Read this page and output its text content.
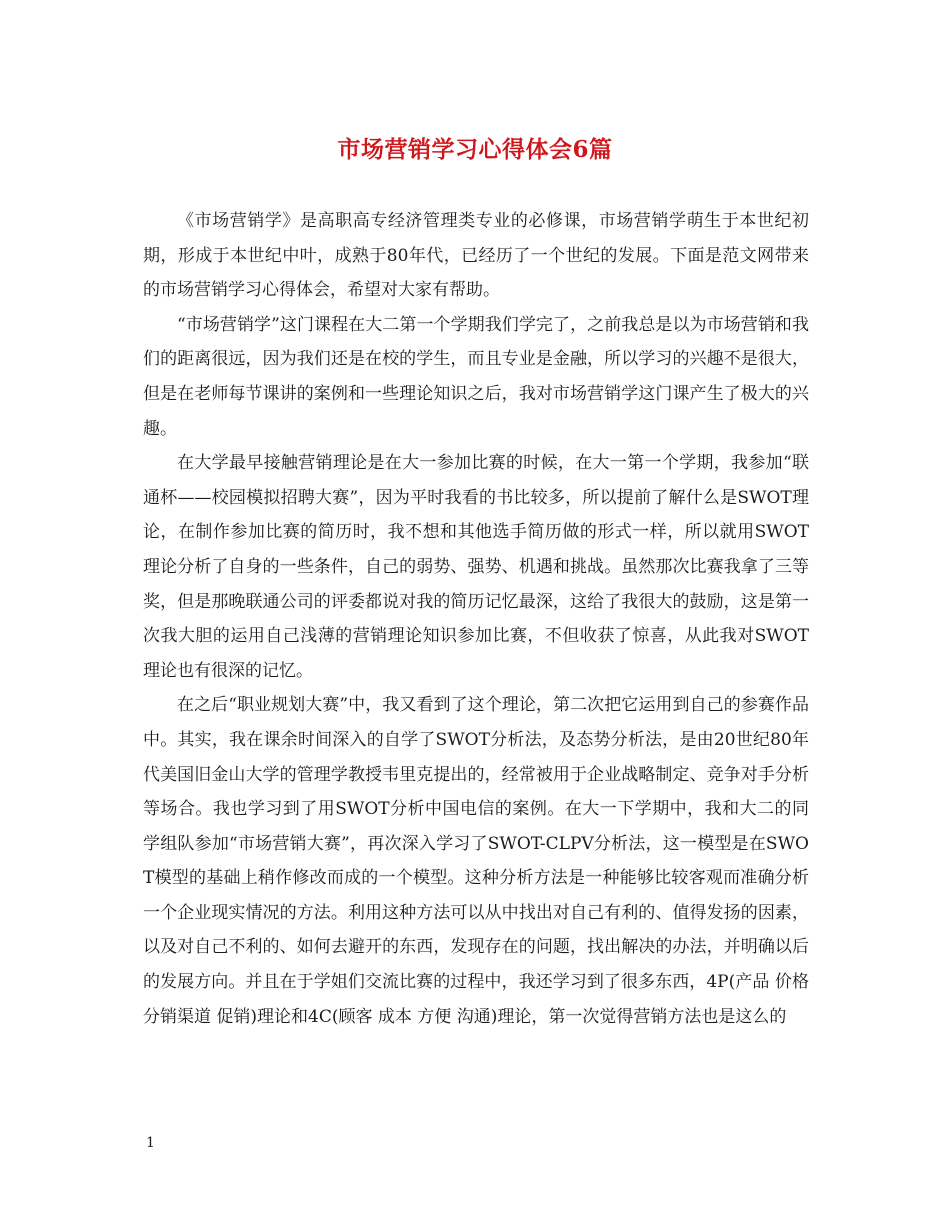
市场营销学习心得体会6篇

《市场营销学》是高职高专经济管理类专业的必修课，市场营销学萌生于本世纪初期，形成于本世纪中叶，成熟于80年代，已经历了一个世纪的发展。下面是范文网带来的市场营销学习心得体会，希望对大家有帮助。

“市场营销学”这门课程在大二第一个学期我们学完了，之前我总是以为市场营销和我们的距离很远，因为我们还是在校的学生，而且专业是金融，所以学习的兴趣不是很大，但是在老师每节课讲的案例和一些理论知识之后，我对市场营销学这门课产生了极大的兴趣。

在大学最早接触营销理论是在大一参加比赛的时候，在大一第一个学期，我参加“联通杯——校园模拟招聘大赛”，因为平时我看的书比较多，所以提前了解什么是SWOT理论，在制作参加比赛的简历时，我不想和其他选手简历做的形式一样，所以就用SWOT理论分析了自身的一些条件，自己的弱势、强势、机遇和挑战。虽然那次比赛我拿了三等奖，但是那晚联通公司的评委都说对我的简历记忆最深，这给了我很大的鼓励，这是第一次我大胆的运用自己浅薄的营销理论知识参加比赛，不但收获了惊喜，从此我对SWOT理论也有很深的记忆。

在之后“职业规划大赛”中，我又看到了这个理论，第二次把它运用到自己的参赛作品中。其实，我在课余时间深入的自学了SWOT分析法，及态势分析法，是由20世纪80年代美国旧金山大学的管理学教授韦里克提出的，经常被用于企业战略制定、竞争对手分析等场合。我也学习到了用SWOT分析中国电信的案例。在大一下学期中，我和大二的同学组队参加“市场营销大赛”，再次深入学习了SWOT-CLPV分析法，这一模型是在SWOT模型的基础上稍作修改而成的一个模型。这种分析方法是一种能够比较客观而准确分析一个企业现实情况的方法。利用这种方法可以从中找出对自己有利的、值得发扬的因素，以及对自己不利的、如何去避开的东西，发现存在的问题，找出解决的办法，并明确以后的发展方向。并且在于学姐们交流比赛的过程中，我还学习到了很多东西，4P(产品 价格 分销渠道 促销)理论和4C(顾客 成本 方便 沟通)理论，第一次觉得营销方法也是这么的

1
